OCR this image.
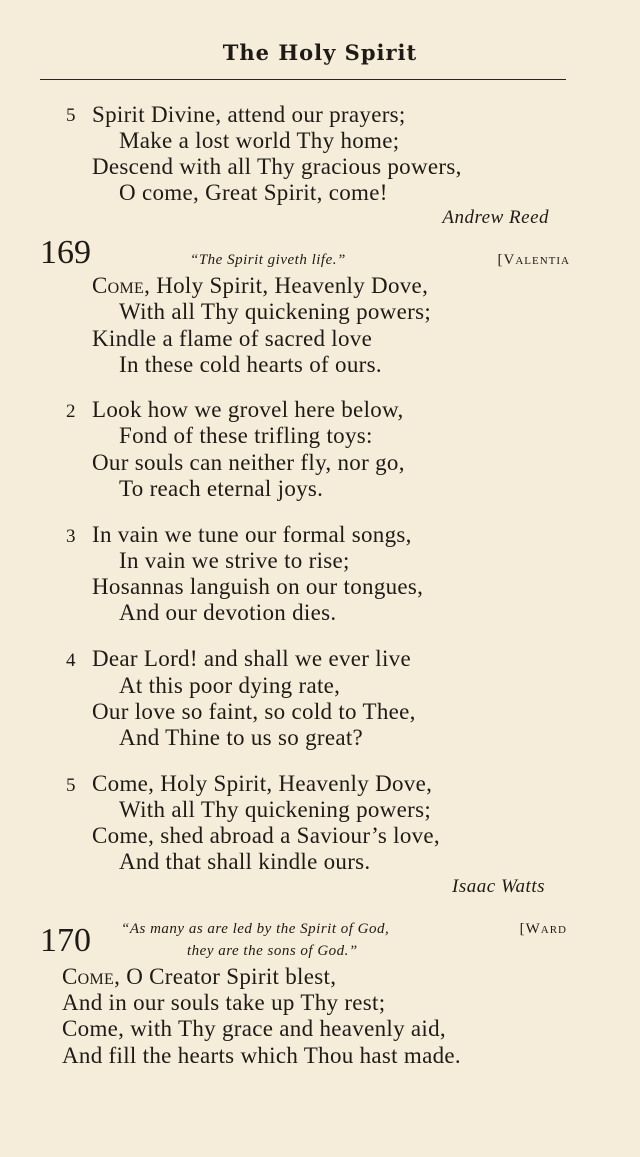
The Holy Spirit
5 Spirit Divine, attend our prayers;
Make a lost world Thy home;
Descend with all Thy gracious powers,
O come, Great Spirit, come!
Andrew Reed
169	“The Spirit giveth life.”	[Valentia
Come, Holy Spirit, Heavenly Dove,
With all Thy quickening powers;
Kindle a flame of sacred love
In these cold hearts of ours.
2 Look how we grovel here below,
Fond of these trifling toys:
Our souls can neither fly, nor go,
To reach eternal joys.
3 In vain we tune our formal songs,
In vain we strive to rise;
Hosannas languish on our tongues,
And our devotion dies.
4 Dear Lord! and shall we ever live
At this poor dying rate,
Our love so faint, so cold to Thee,
And Thine to us so great?
5 Come, Holy Spirit, Heavenly Dove,
With all Thy quickening powers;
Come, shed abroad a Saviour’s love,
And that shall kindle ours.
Isaac Watts
170 “As many as are led by the Spirit of God,
they are the sons of God.”
[Ward
Come, O Creator Spirit blest,
And in our souls take up Thy rest;
Come, with Thy grace and heavenly aid,
And fill the hearts which Thou hast made.
